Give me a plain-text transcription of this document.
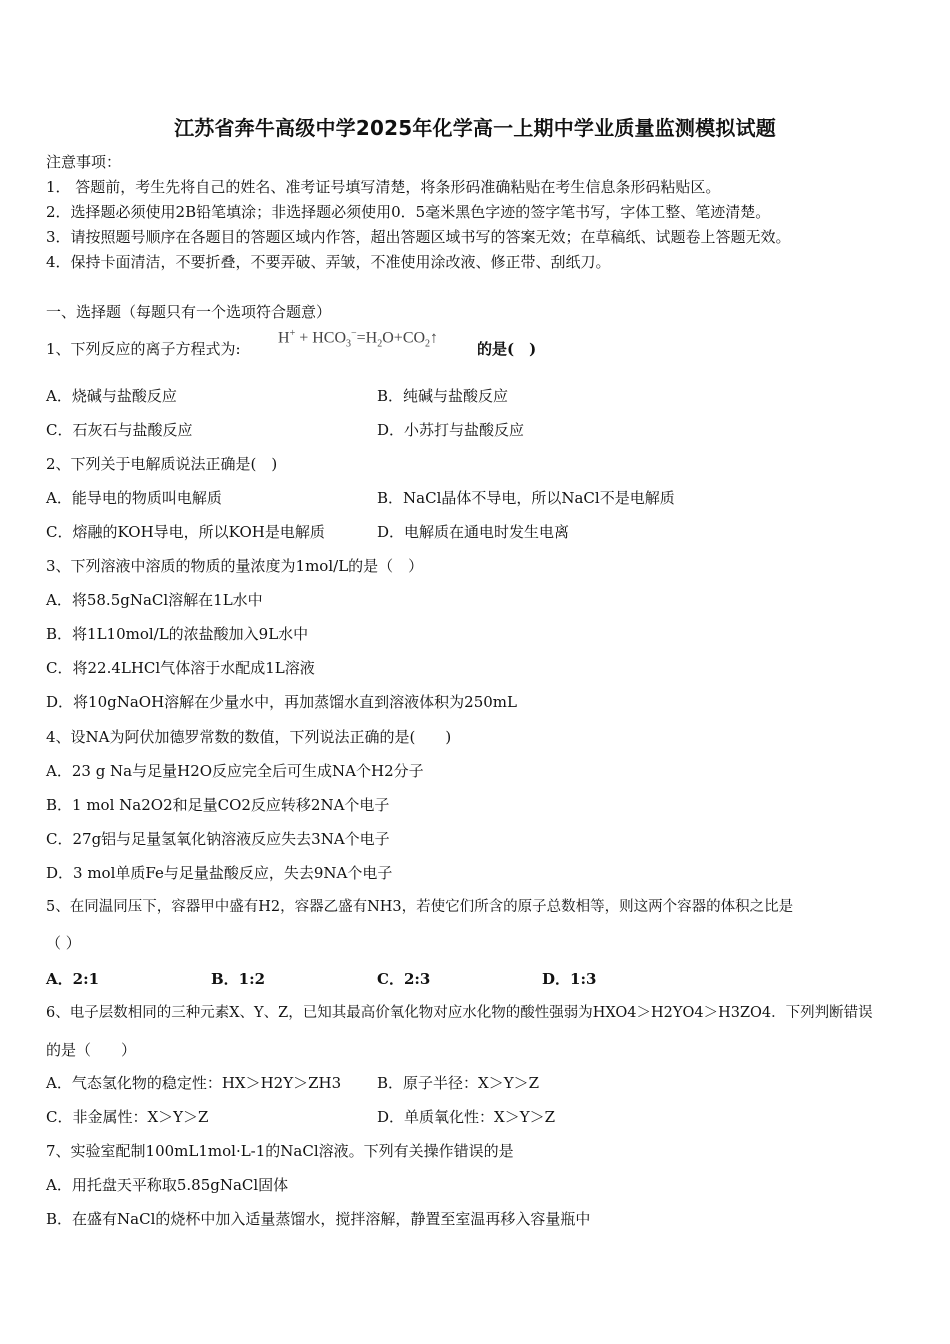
江苏省奔牛高级中学2025年化学高一上期中学业质量监测模拟试题
注意事项：
1． 答题前，考生先将自己的姓名、准考证号填写清楚，将条形码准确粘贴在考生信息条形码粘贴区。
2．选择题必须使用2B铅笔填涂；非选择题必须使用0．5毫米黑色字迹的签字笔书写，字体工整、笔迹清楚。
3．请按照题号顺序在各题目的答题区域内作答，超出答题区域书写的答案无效；在草稿纸、试题卷上答题无效。
4．保持卡面清洁，不要折叠，不要弄破、弄皱，不准使用涂改液、修正带、刮纸刀。
一、选择题（每题只有一个选项符合题意）
1、下列反应的离子方程式为:
$H^+ + HCO_3^-=H_2O+CO_2↑$
的是(　)
A．烧碱与盐酸反应	B．纯碱与盐酸反应
C．石灰石与盐酸反应	D．小苏打与盐酸反应
2、下列关于电解质说法正确是(　)
A．能导电的物质叫电解质	B．NaCl晶体不导电，所以NaCl不是电解质
C．熔融的KOH导电，所以KOH是电解质	D．电解质在通电时发生电离
3、下列溶液中溶质的物质的量浓度为1mol/L的是（　）
A．将58.5gNaCl溶解在1L水中
B．将1L10mol/L的浓盐酸加入9L水中
C．将22.4LHCl气体溶于水配成1L溶液
D．将10gNaOH溶解在少量水中，再加蒸馏水直到溶液体积为250mL
4、设NA为阿伏加德罗常数的数值，下列说法正确的是(　　)
A．23 g Na与足量H2O反应完全后可生成NA个H2分子
B．1 mol Na2O2和足量CO2反应转移2NA个电子
C．27g铝与足量氢氧化钠溶液反应失去3NA个电子
D．3 mol单质Fe与足量盐酸反应，失去9NA个电子
5、在同温同压下，容器甲中盛有H2，容器乙盛有NH3，若使它们所含的原子总数相等，则这两个容器的体积之比是
（ ）
A．2:1	B．1:2	C．2:3	D．1:3
6、电子层数相同的三种元素X、Y、Z，已知其最高价氧化物对应水化物的酸性强弱为HXO4＞H2YO4＞H3ZO4．下列判断错误
的是（　　）
A．气态氢化物的稳定性：HX＞H2Y＞ZH3 B．原子半径：X＞Y＞Z
C．非金属性：X＞Y＞Z	D．单质氧化性：X＞Y＞Z
7、实验室配制100mL1mol·L-1的NaCl溶液。下列有关操作错误的是
A．用托盘天平称取5.85gNaCl固体
B．在盛有NaCl的烧杯中加入适量蒸馏水，搅拌溶解，静置至室温再移入容量瓶中
